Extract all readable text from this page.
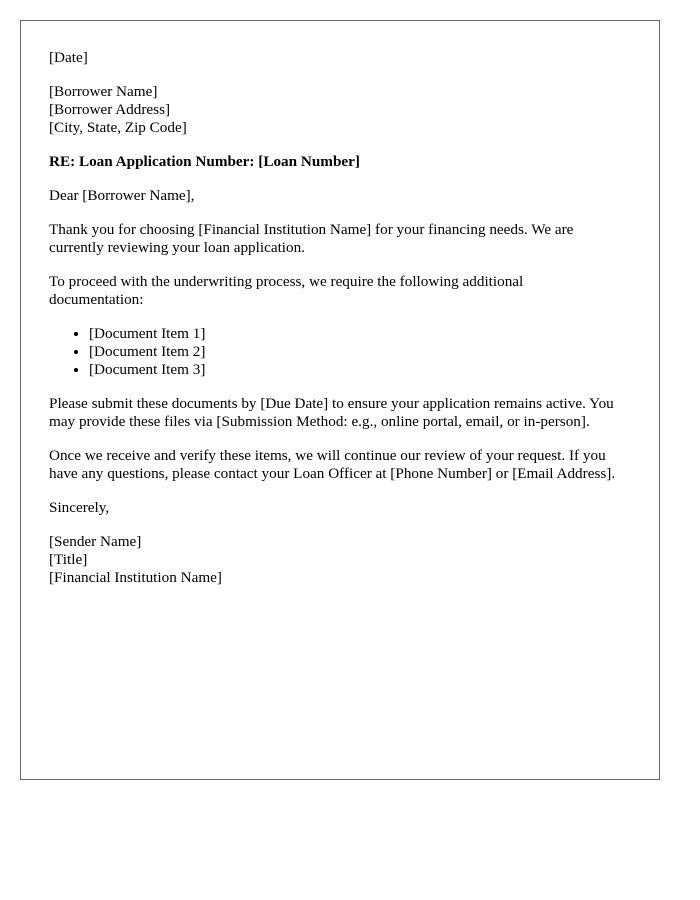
[Date]
[Borrower Name]
[Borrower Address]
[City, State, Zip Code]
RE: Loan Application Number: [Loan Number]
Dear [Borrower Name],

Thank you for choosing [Financial Institution Name] for your financing needs. We are currently reviewing your loan application.

To proceed with the underwriting process, we require the following additional documentation:

• [Document Item 1]
• [Document Item 2]
• [Document Item 3]

Please submit these documents by [Due Date] to ensure your application remains active. You may provide these files via [Submission Method: e.g., online portal, email, or in-person].

Once we receive and verify these items, we will continue our review of your request. If you have any questions, please contact your Loan Officer at [Phone Number] or [Email Address].

Sincerely,
[Sender Name]
[Title]
[Financial Institution Name]
